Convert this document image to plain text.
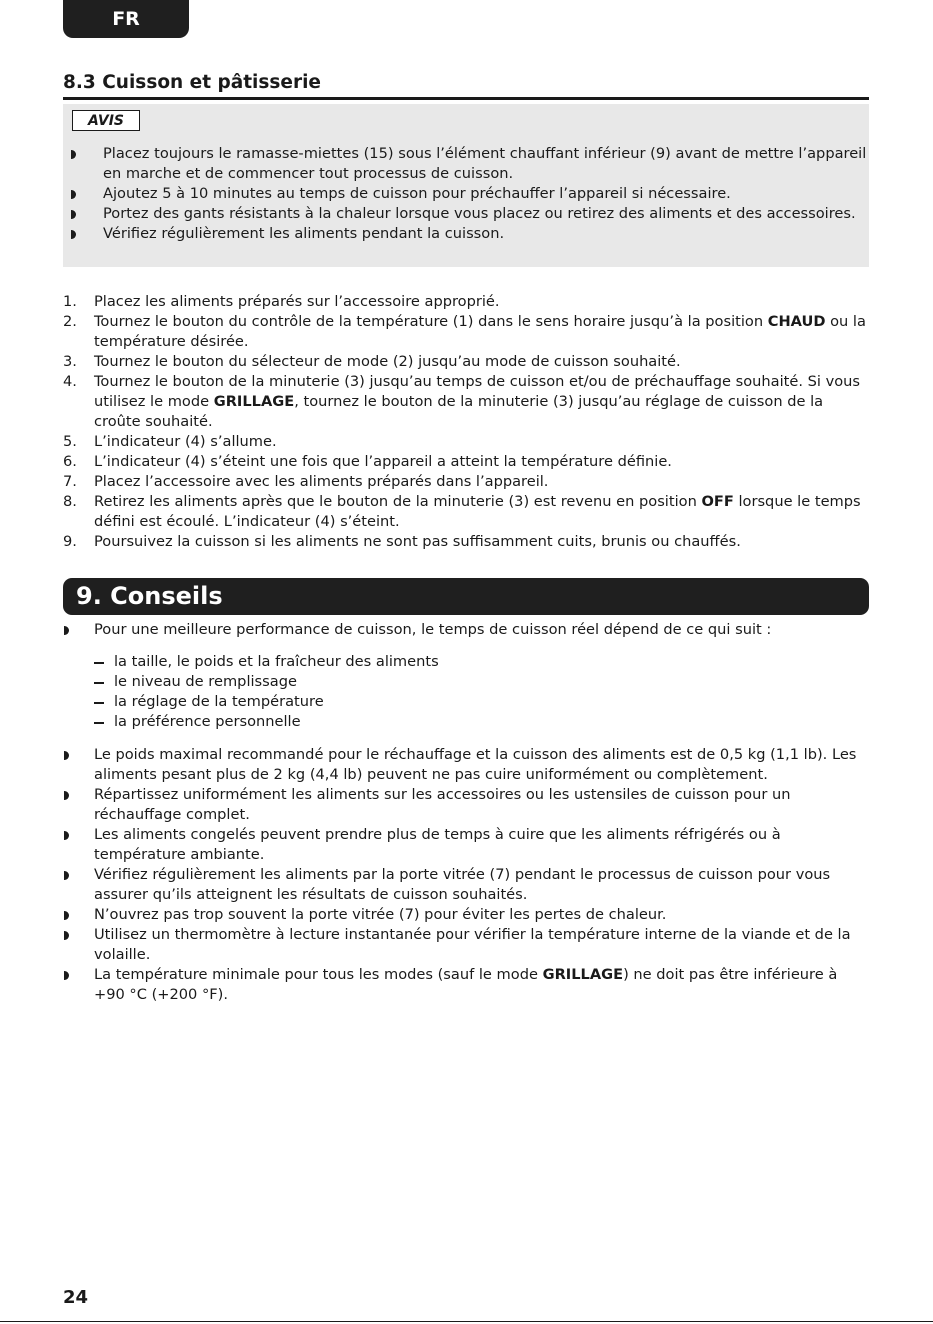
FR
8.3 Cuisson et pâtisserie
AVIS
Placez toujours le ramasse-miettes (15) sous l’élément chauffant inférieur (9) avant de mettre l’appareil en marche et de commencer tout processus de cuisson.
Ajoutez 5 à 10 minutes au temps de cuisson pour préchauffer l’appareil si nécessaire.
Portez des gants résistants à la chaleur lorsque vous placez ou retirez des aliments et des accessoires.
Vérifiez régulièrement les aliments pendant la cuisson.
1. Placez les aliments préparés sur l’accessoire approprié.
2. Tournez le bouton du contrôle de la température (1) dans le sens horaire jusqu’à la position CHAUD ou la température désirée.
3. Tournez le bouton du sélecteur de mode (2) jusqu’au mode de cuisson souhaité.
4. Tournez le bouton de la minuterie (3) jusqu’au temps de cuisson et/ou de préchauffage souhaité. Si vous utilisez le mode GRILLAGE, tournez le bouton de la minuterie (3) jusqu’au réglage de cuisson de la croûte souhaité.
5. L’indicateur (4) s’allume.
6. L’indicateur (4) s’éteint une fois que l’appareil a atteint la température définie.
7. Placez l’accessoire avec les aliments préparés dans l’appareil.
8. Retirez les aliments après que le bouton de la minuterie (3) est revenu en position OFF lorsque le temps défini est écoulé. L’indicateur (4) s’éteint.
9. Poursuivez la cuisson si les aliments ne sont pas suffisamment cuits, brunis ou chauffés.
9. Conseils
Pour une meilleure performance de cuisson, le temps de cuisson réel dépend de ce qui suit :
la taille, le poids et la fraîcheur des aliments
le niveau de remplissage
la réglage de la température
la préférence personnelle
Le poids maximal recommandé pour le réchauffage et la cuisson des aliments est de 0,5 kg (1,1 lb). Les aliments pesant plus de 2 kg (4,4 lb) peuvent ne pas cuire uniformément ou complètement.
Répartissez uniformément les aliments sur les accessoires ou les ustensiles de cuisson pour un réchauffage complet.
Les aliments congelés peuvent prendre plus de temps à cuire que les aliments réfrigérés ou à température ambiante.
Vérifiez régulièrement les aliments par la porte vitrée (7) pendant le processus de cuisson pour vous assurer qu’ils atteignent les résultats de cuisson souhaités.
N’ouvrez pas trop souvent la porte vitrée (7) pour éviter les pertes de chaleur.
Utilisez un thermomètre à lecture instantanée pour vérifier la température interne de la viande et de la volaille.
La température minimale pour tous les modes (sauf le mode GRILLAGE) ne doit pas être inférieure à +90 °C (+200 °F).
24
